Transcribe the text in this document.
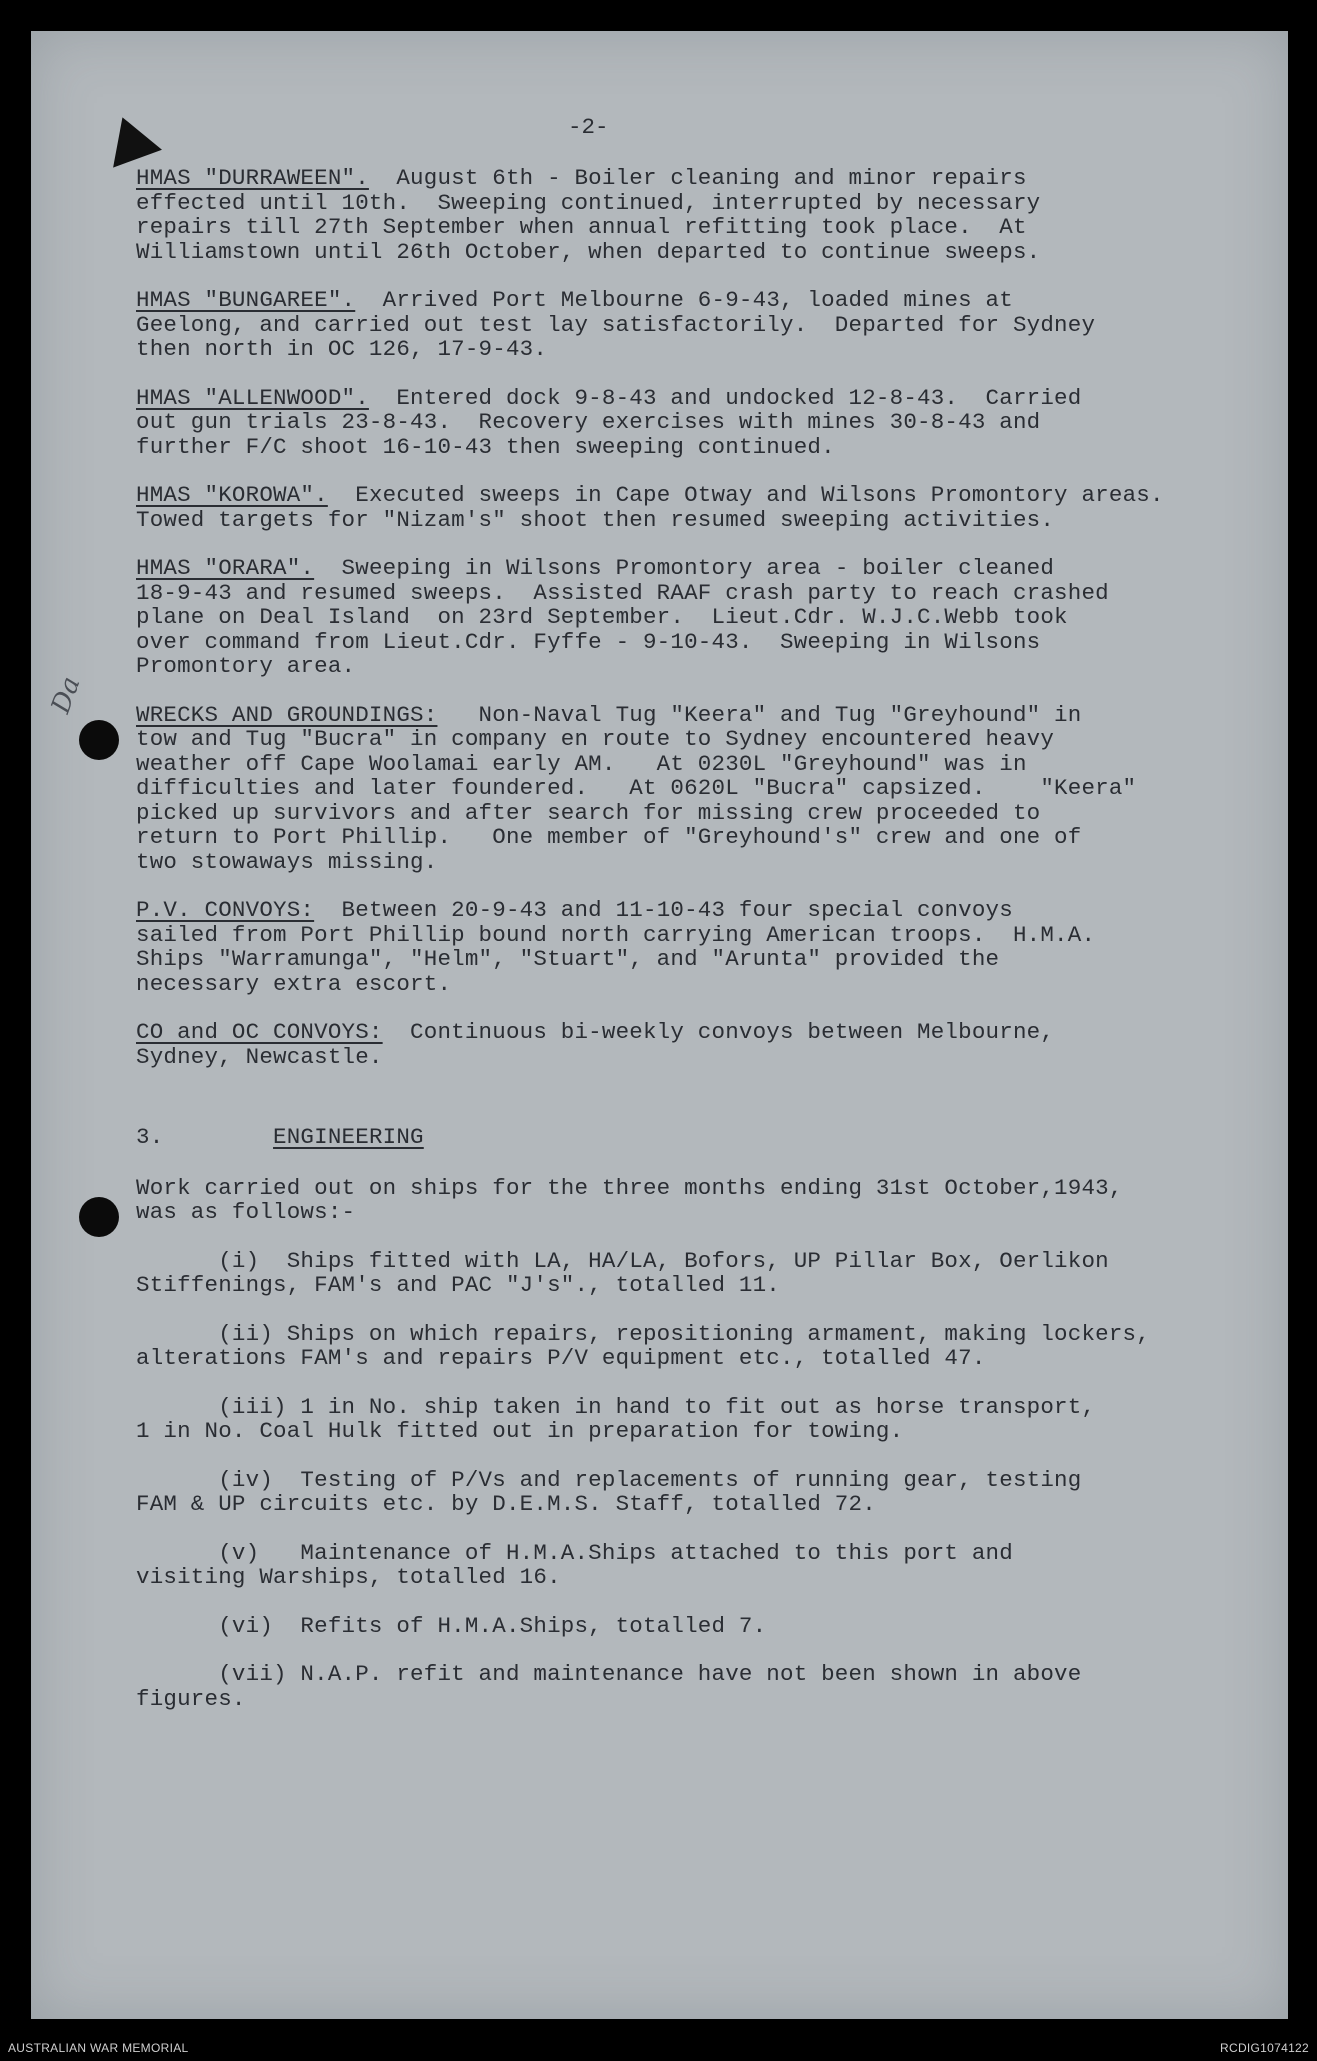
Da
-2-

HMAS "DURRAWEEN".  August 6th - Boiler cleaning and minor repairs

effected until 10th.  Sweeping continued, interrupted by necessary

repairs till 27th September when annual refitting took place.  At

Williamstown until 26th October, when departed to continue sweeps.

HMAS "BUNGAREE".  Arrived Port Melbourne 6-9-43, loaded mines at

Geelong, and carried out test lay satisfactorily.  Departed for Sydney

then north in OC 126, 17-9-43.

HMAS "ALLENWOOD".  Entered dock 9-8-43 and undocked 12-8-43.  Carried

out gun trials 23-8-43.  Recovery exercises with mines 30-8-43 and

further F/C shoot 16-10-43 then sweeping continued.

HMAS "KOROWA".  Executed sweeps in Cape Otway and Wilsons Promontory areas.

Towed targets for "Nizam's" shoot then resumed sweeping activities.

HMAS "ORARA".  Sweeping in Wilsons Promontory area - boiler cleaned

18-9-43 and resumed sweeps.  Assisted RAAF crash party to reach crashed

plane on Deal Island  on 23rd September.  Lieut.Cdr. W.J.C.Webb took

over command from Lieut.Cdr. Fyffe - 9-10-43.  Sweeping in Wilsons

Promontory area.

WRECKS AND GROUNDINGS:   Non-Naval Tug "Keera" and Tug "Greyhound" in

tow and Tug "Bucra" in company en route to Sydney encountered heavy

weather off Cape Woolamai early AM.   At 0230L "Greyhound" was in

difficulties and later foundered.   At 0620L "Bucra" capsized.    "Keera"

picked up survivors and after search for missing crew proceeded to

return to Port Phillip.   One member of "Greyhound's" crew and one of

two stowaways missing.

P.V. CONVOYS:  Between 20-9-43 and 11-10-43 four special convoys

sailed from Port Phillip bound north carrying American troops.  H.M.A.

Ships "Warramunga", "Helm", "Stuart", and "Arunta" provided the

necessary extra escort.

CO and OC CONVOYS:  Continuous bi-weekly convoys between Melbourne,

Sydney, Newcastle.

3.	ENGINEERING

Work carried out on ships for the three months ending 31st October,1943,

was as follows:-

(i)  Ships fitted with LA, HA/LA, Bofors, UP Pillar Box, Oerlikon

Stiffenings, FAM's and PAC "J's"., totalled 11.

(ii) Ships on which repairs, repositioning armament, making lockers,

alterations FAM's and repairs P/V equipment etc., totalled 47.

(iii) 1 in No. ship taken in hand to fit out as horse transport,

1 in No. Coal Hulk fitted out in preparation for towing.

(iv)  Testing of P/Vs and replacements of running gear, testing

FAM & UP circuits etc. by D.E.M.S. Staff, totalled 72.

(v)   Maintenance of H.M.A.Ships attached to this port and

visiting Warships, totalled 16.

(vi)  Refits of H.M.A.Ships, totalled 7.

(vii) N.A.P. refit and maintenance have not been shown in above

figures.

AUSTRALIAN WAR MEMORIAL	RCDIG1074122
